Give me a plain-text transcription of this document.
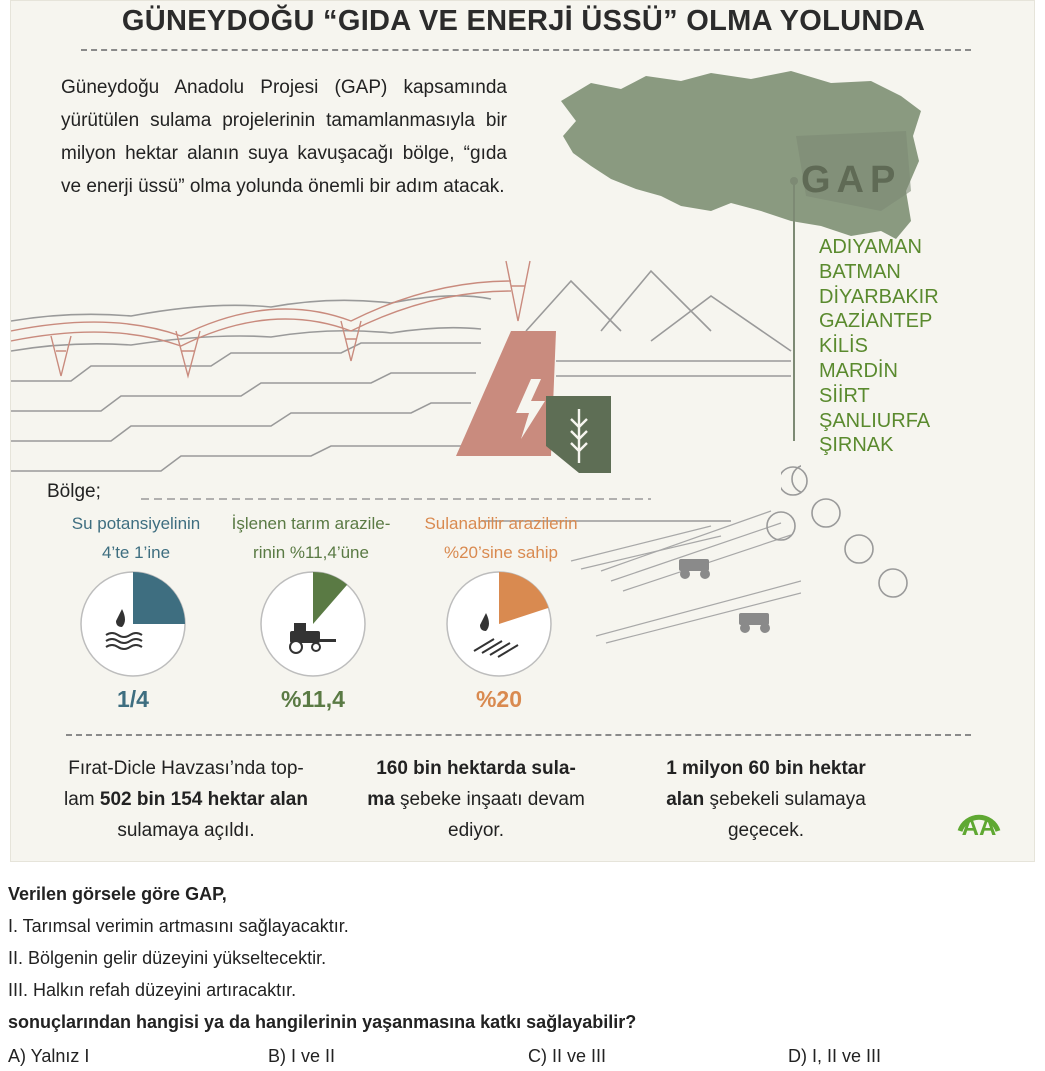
GÜNEYDOĞU “GIDA VE ENERJİ ÜSSÜ” OLMA YOLUNDA
Güneydoğu Anadolu Projesi (GAP) kapsamında yürütülen sulama projelerinin tamamlanmasıyla bir milyon hektar alanın suya kavuşacağı bölge, “gıda ve enerji üssü” olma yolunda önemli bir adım atacak.	GAP
ADIYAMAN
BATMAN
DİYARBAKIR
GAZİANTEP
KİLİS
MARDİN
SİİRT
ŞANLIURFA
ŞIRNAK
Bölge;
Su potansiyelinin
4’te 1’ine
İşlenen tarım arazile-
rinin %11,4’üne
Sulanabilir arazilerin
%20’sine sahip
1/4	%11,4	%20
Fırat-Dicle Havzası’nda top-
lam 502 bin 154 hektar alan
sulamaya açıldı.
160 bin hektarda sula-
ma şebeke inşaatı devam
ediyor.
1 milyon 60 bin hektar
alan şebekeli sulamaya
geçecek.	AA
Verilen görsele göre GAP,
I. Tarımsal verimin artmasını sağlayacaktır.
II. Bölgenin gelir düzeyini yükseltecektir.
III. Halkın refah düzeyini artıracaktır.
sonuçlarından hangisi ya da hangilerinin yaşanmasına katkı sağlayabilir?
A) Yalnız I	B) I ve II	C) II ve III	D) I, II ve III
